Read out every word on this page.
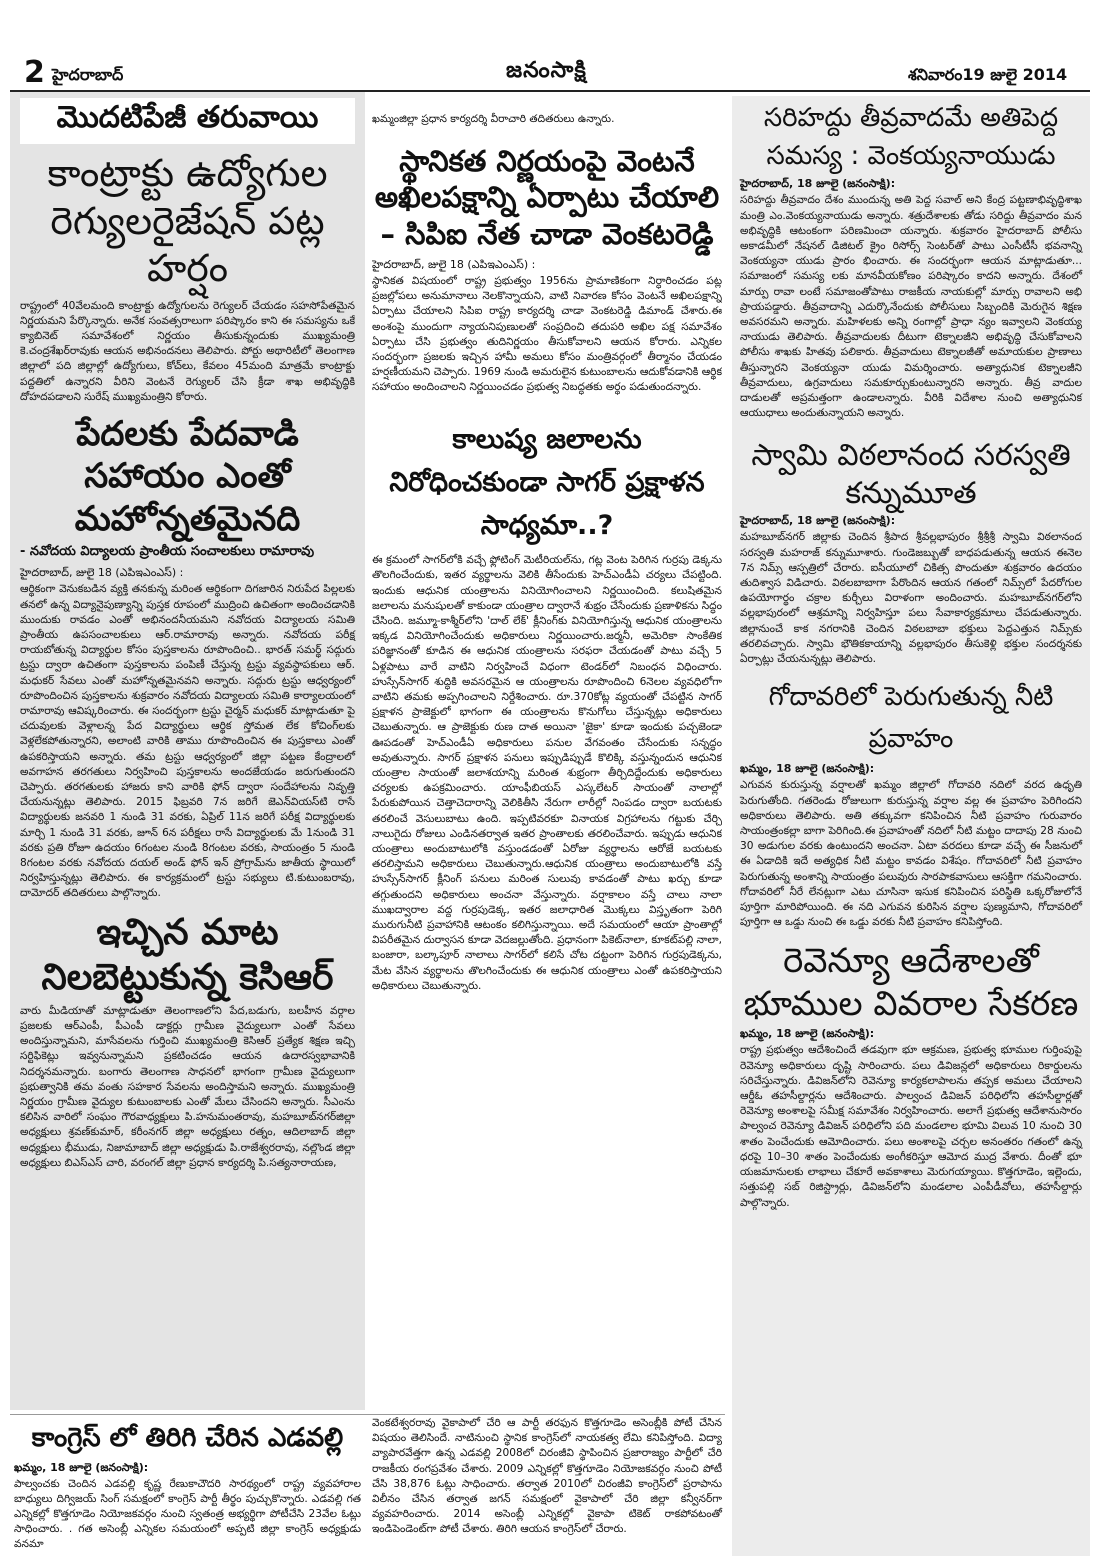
2 హైదరాబాద్	జనంసాక్షి	శనివారం19 జులై 2014
మొదటిపేజీ తరువాయి
కాంట్రాక్టు ఉద్యోగుల రెగ్యులరైజేషన్‌ పట్ల హర్షం

రాష్ట్రంలో 40వేలమంది కాంట్రాక్టు ఉద్యోగులను రెగ్యులర్‌ చేయడం సహసోపేతమైన నిర్ణయమని పేర్కొన్నారు. అనేక సంవత్సరాలుగా పరిష్కారం కాని ఈ సమస్యను ఒకే క్యాబినెట్‌ సమావేశంలో నిర్ణయం తీసుకున్నందుకు ముఖ్యమంత్రి కె.చంద్రశేఖర్‌రావుకు ఆయన అభినందనలు తెలిపారు. పోర్టు అథారిటీలో తెలంగాణ జిల్లాలో పది జిల్లాల్లో ఉద్యోగులు, కోచ్‌లు, కేవలం 45మంది మాత్రమే కాంట్రాక్టు పద్దతిలో ఉన్నారని వీరిని వెంటనే రెగ్యులర్‌ చేసి క్రీడా శాఖ అభివృద్ధికి దోహదపడాలని సురేష్‌ ముఖ్యమంత్రిని కోరారు.

పేదలకు పేదవాడి సహాయం ఎంతో మహోన్నతమైనది

- నవోదయ విద్యాలయ ప్రాంతీయ సంచాలకులు రామారావు

హైదరాబాద్‌, జులై 18 (ఎపిఇఎంఎస్‌) :

ఆర్థికంగా వెనుకబడిన వ్యక్తి తనకున్న మరింత ఆర్థికంగా దిగజారిన నిరుపేద పిల్లలకు తనలో ఉన్న విద్యానైపుణ్యాన్ని పుస్తక రూపంలో ముద్రించి ఉచితంగా అందించడానికి ముందుకు రావడం ఎంతో అభినందనీయమని నవోదయ విద్యాలయ సమితి ప్రాంతీయ ఉపసంచాలకులు ఆర్‌.రామారావు అన్నారు. నవోదయ పరీక్ష రాయబోతున్న విద్యార్థుల కోసం పుస్తకాలను రూపొందించి.. భారత్‌ సమర్థ్‌ సద్గురు ట్రస్టు ద్వారా ఉచితంగా పుస్తకాలను పంపిణీ చేస్తున్న ట్రస్టు వ్యవస్థాపకులు ఆర్‌. మధుకర్‌ సేవలు ఎంతో మహోన్నతమైనవని అన్నారు. సద్గురు ట్రస్టు ఆధ్వర్యంలో రూపొందించిన పుస్తకాలను శుక్రవారం నవోదయ విద్యాలయ సమితి కార్యాలయంలో రామారావు ఆవిష్కరించారు. ఈ సందర్భంగా ట్రస్టు చైర్మన్‌ మధుకర్‌ మాట్లాడుతూ పై చదువులకు వెళ్లాలన్న పేద విద్యార్థులు ఆర్థిక స్తోమత లేక కోచింగ్‌లకు వెళ్లలేకపోతున్నారని, అలాంటి వారికి తాము రూపొందించిన ఈ పుస్తకాలు ఎంతో ఉపకరిస్తాయని అన్నారు. తమ ట్రస్టు ఆధ్వర్యంలో జిల్లా పట్టణ కేంద్రాలలో అవగాహన తరగతులు నిర్వహించి పుస్తకాలను అందజేయడం జరుగుతుందని చెప్పారు. తరగతులకు హాజరు కాని వారికి ఫోన్‌ ద్వారా సందేహాలను నివృత్తి చేయనున్నట్లు తెలిపారు. 2015 ఫిబ్రవరి 7న జరిగే జెఎన్‌వియస్‌టి రాసే విద్యార్థులకు జనవరి 1 నుండి 31 వరకు, ఏప్రిల్‌ 11న జరిగే పరీక్ష విద్యార్థులకు మార్చి 1 నుండి 31 వరకు, జూన్‌ 6న పరీక్షలు రాసే విద్యార్థులకు మే 1నుండి 31 వరకు ప్రతి రోజూ ఉదయం 6గంటల నుండి 8గంటల వరకు, సాయంత్రం 5 నుండి 8గంటల వరకు నవోదయ దయల్‌ అండ్‌ ఫోన్‌ ఇన్‌ ప్రోగ్రామ్‌ను జాతీయ స్థాయిలో నిర్వహిస్తున్నట్లు తెలిపారు. ఈ కార్యక్రమంలో ట్రస్టు సభ్యులు టి.కుటుంబరావు, దామోదర్‌ తదితరులు పాల్గొన్నారు.

ఇచ్చిన మాట నిలబెట్టుకున్న కెసిఆర్‌

వారు మీడియాతో మాట్లాడుతూ తెలంగాణలోని పేద,బడుగు, బలహీన వర్గాల ప్రజలకు ఆర్‌ఎంపీ, పీఎంపీ డాక్టర్లు గ్రామీణ వైద్యులుగా ఎంతో సేవలు అందిస్తున్నామని, మాసేవలను గుర్తించి ముఖ్యమంత్రి కెసిఆర్‌ ప్రత్యేక శిక్షణ ఇచ్చి సర్టిఫికెట్లు ఇవ్వనున్నామని ప్రకటించడం ఆయన ఉదారస్వభావానికి నిదర్శనమన్నారు. బంగారు తెలంగాణ సాధనలో భాగంగా గ్రామీణ వైద్యులుగా ప్రభుత్వానికి తమ వంతు సహకార సేవలను అందిస్తామని అన్నారు. ముఖ్యమంత్రి నిర్ణయం గ్రామీణ వైద్యుల కుటుంబాలకు ఎంతో మేలు చేసిందని అన్నారు. సీఎంను కలిసిన వారిలో సంఘం గౌరవాధ్యక్షులు పి.హనుమంతరావు, మహబూబ్‌నగర్‌జిల్లా అధ్యక్షులు శ్రవణ్‌కుమార్‌, కరీంనగర్‌ జిల్లా అధ్యక్షులు రత్నం, ఆదిలాబాద్‌ జిల్లా అధ్యక్షులు భీముడు, నిజామాబాద్‌ జిల్లా అధ్యక్షుడు పి.రాజేశ్వరరావు, నల్లొండ జిల్లా అధ్యక్షులు బిఎస్‌ఎస్‌ చారి, వరంగల్‌ జిల్లా ప్రధాన కార్యదర్శి పి.సత్యనారాయణ,

ఖమ్మంజిల్లా ప్రధాన కార్యదర్శి వీరాచారి తదితరులు ఉన్నారు.

స్థానికత నిర్ణయంపై వెంటనే అఖిలపక్షాన్ని ఏర్పాటు చేయాలి – సిపిఐ నేత చాడా వెంకటరెడ్డి

హైదరాబాద్‌, జులై 18 (ఎపిఇఎంఎస్‌) :

స్థానికత విషయంలో రాష్ట్ర ప్రభుత్వం 1956ను ప్రామాణికంగా నిర్ధారించడం పట్ల ప్రజల్లోపలు అనుమానాలు నెలకొన్నాయని, వాటి నివారణ కోసం వెంటనే అఖిలపక్షాన్ని ఏర్పాటు చేయాలని సిపిఐ రాష్ట్ర కార్యదర్శి చాడా వెంకటరెడ్డి డిమాండ్‌ చేశారు.ఈ అంశంపై ముందుగా న్యాయనిపుణులతో సంప్రదించి తదుపరి అఖిల పక్ష సమావేశం ఏర్పాటు చేసి ప్రభుత్వం తుదినిర్ణయం తీసుకోవాలని ఆయన కోరారు. ఎన్నికల సందర్భంగా ప్రజలకు ఇచ్చిన హామీ అమలు కోసం మంత్రివర్గంలో తీర్మానం చేయడం హర్షణీయమని చెప్పారు. 1969 నుండి అమరులైన కుటుంబాలను ఆదుకోవడానికి ఆర్థిక సహాయం అందించాలని నిర్ణయించడం ప్రభుత్వ నిబద్ధతకు అర్థం పడుతుందన్నారు.

కాలుష్య జలాలను నిరోధించకుండా సాగర్‌ ప్రక్షాళన సాధ్యమా..?

ఈ క్రమంలో సాగర్‌లోకి వచ్చే ఫ్లోటింగ్‌ మెటీరియల్‌ను, గట్ల వెంట పెరిగిన గుర్రపు డెక్కను తొలగించేందుకు, ఇతర వ్యర్థాలను వెలికి తీసేందుకు హెచ్‌ఎండీఏ చర్యలు చేపట్టింది. ఇందుకు ఆధునిక యంత్రాలను వినియోగించాలని నిర్ణయించింది. కలుషితమైన జలాలను మనుషులతో కాకుండా యంత్రాల ద్వారానే శుభ్రం చేసేందుకు ప్రణాళికను సిద్ధం చేసింది. జమ్మూ-కాశ్మీర్‌లోని 'దాల్‌ లేక్‌' క్లీనింగ్‌కు వినియోగిస్తున్న ఆధునిక యంత్రాలను ఇక్కడ వినియోగించేందుకు అధికారులు నిర్ణయించారు.జర్మనీ, అమెరికా సాంకేతిక పరిజ్ఞానంతో కూడిన ఈ ఆధునిక యంత్రాలను సరఫరా చేయడంతో పాటు వచ్చే 5 ఏళ్లపాటు వారే వాటిని నిర్వహించే విధంగా టెండర్‌లో నిబంధన విధించారు. హుస్సేన్‌సాగర్‌ శుద్ధికి అవసరమైన ఆ యంత్రాలను రూపొందించి 6నెలల వ్యవధిలోగా వాటిని తమకు అప్పగించాలని నిర్దేశించారు. రూ.370కోట్ల వ్యయంతో చేపట్టిన సాగర్‌ ప్రక్షాళన ప్రాజెక్టులో భాగంగా ఈ యంత్రాలను కొనుగోలు చేస్తున్నట్లు అధికారులు చెబుతున్నారు. ఆ ప్రాజెక్టుకు రుణ దాత అయినా 'జైకా' కూడా ఇందుకు పచ్చజెండా ఊపడంతో హెచ్‌ఎండీఏ అధికారులు పనుల వేగవంతం చేసేందుకు సన్నద్ధం అవుతున్నారు. సాగర్‌ ప్రక్షాళన పనులు ఇప్పుడిప్పుడే కొలిక్కి వస్తున్నందున ఆధునిక యంత్రాల సాయంతో జలాశయాన్ని మరింత శుభ్రంగా తీర్చిదిద్దేందుకు అధికారులు చర్యలకు ఉపక్రమించారు. యాంఫీబియస్‌ ఎస్కలేటర్‌ సాయంతో నాలాల్లో పేరుకుపోయిన చెత్తాచెదారాన్ని వెలికితీసి నేరుగా లారీల్లో నింపడం ద్వారా బయటకు తరలించే వెసులుబాటు ఉంది. ఇప్పటివరకూ వినాయక విగ్రహాలను గట్టుకు చేర్చి నాలుగైదు రోజులు ఎండినతర్వాత ఇతర ప్రాంతాలకు తరలించేవారు. ఇప్పుడు ఆధునిక యంత్రాలు అందుబాటులోకి వస్తుండడంతో ఏరోజు వ్యర్థాలను ఆరోజే బయటకు తరలిస్తామని అధికారులు చెబుతున్నారు.ఆధునిక యంత్రాలు అందుబాటులోకి వస్తే హుస్సేన్‌సాగర్‌ క్లీనింగ్‌ పనులు మరింత సులువు కావడంతో పాటు ఖర్చు కూడా తగ్గుతుందని అధికారులు అంచనా వేస్తున్నారు. వర్షాకాలం వస్తే చాలు నాలా ముఖద్వారాల వద్ద గుర్రపుడెక్క, ఇతర జలాధారిత మొక్కలు విస్తృతంగా పెరిగి మురుగునీటి ప్రవాహానికి ఆటంకం కలిగిస్తున్నాయి. అదే సమయంలో ఆయా ప్రాంతాల్లో విపరీతమైన దుర్వాసన కూడా వెదజల్లుతోంది. ప్రధానంగా పికెట్‌నాలా, కూకట్‌పల్లి నాలా, బంజారా, బల్కాపూర్‌ నాలాలు సాగర్‌లో కలిసే చోట దట్టంగా పెరిగిన గుర్రపుడెక్కను, మేట వేసిన వ్యర్థాలను తొలగించేందుకు ఈ ఆధునిక యంత్రాలు ఎంతో ఉపకరిస్తాయని అధికారులు చెబుతున్నారు.

సరిహద్దు తీవ్రవాదమే అతిపెద్ద సమస్య : వెంకయ్యనాయుడు

హైదరాబాద్‌, 18 జూలై (జనంసాక్షి):

సరిహద్దు తీవ్రవాదం దేశం ముందున్న అతి పెద్ద సవాల్‌ అని కేంద్ర పట్టణాభివృద్ధిశాఖ మంత్రి ఎం.వెంకయ్యనాయుడు అన్నారు. శత్రుదేశాలకు తోడు సరిద్దు తీవ్రవాదం మన అభివృద్ధికి ఆటంకంగా పరిణమించా యన్నారు. శుక్రవారం హైదరాబాద్‌ పోలీసు అకాడమీలో నేషనల్‌ డిజిటల్‌ క్రైం రిసోర్స్‌ సెంటర్‌తో పాటు ఎంసీటీసీ భవనాన్ని వెంకయ్యనా యుడు ప్రారం భించారు. ఈ సందర్భంగా ఆయన మాట్లాడుతూ... సమాజంలో సమస్య లకు మానవీయకోణం పరిష్కారం కాదని అన్నారు. దేశంలో మార్పు రావా లంటే సమాజంతోపాటు రాజకీయ నాయకుల్లో మార్పు రావాలని అభి ప్రాయపడ్డారు. తీవ్రవాదాన్ని ఎదుర్కొనేందుకు పోలీసులు సిబ్బందికి మెరుగైన శిక్షణ అవసరమని అన్నారు. మహిళలకు అన్ని రంగాల్లో ప్రాధా న్యం ఇవ్వాలని వెంకయ్య నాయుడు తెలిపారు. తీవ్రవాదులకు దీటుగా టెక్నాలజీని అభివృద్ధి చేసుకోవాలని పోలీసు శాఖకు హితవు పలికారు. తీవ్రవాదులు టెక్నాలజీతో అమాయకుల ప్రాణాలు తీస్తున్నారని వెంకయ్యనా యుడు విమర్శించారు. అత్యాధునిక టెక్నాలజీని తీవ్రవాదులు, ఉగ్రవాదులు సమకూర్చుకుంటున్నారని అన్నారు. తీవ్ర వాదుల దాడులతో అప్రమత్తంగా ఉండాలన్నారు. వీరికి విదేశాల నుంచి అత్యాధునిక ఆయుధాలు అందుతున్నాయని అన్నారు.

స్వామి విఠలానంద సరస్వతి కన్నుమూత

హైదరాబాద్‌, 18 జూలై (జనంసాక్షి):

మహబూబ్‌నగర్‌ జిల్లాకు చెందిన శ్రీపాద శ్రీవల్లభాపురం శ్రీశ్రీశ్రీ స్వామి విఠలానంద సరస్వతి మహరాజ్‌ కన్నుమూశారు. గుండెజబ్బుతో బాధపడుతున్న ఆయన ఈనెల 7న నిమ్స్‌ ఆస్పత్రిలో చేరారు. ఐసీయూలో చికిత్స పొందుతూ శుక్రవారం ఉదయం తుదిశ్వాస విడిచారు. విఠలబాబాగా పేరొందిన ఆయన గతంలో నిమ్స్‌లో పేదరోగుల ఉపయోగార్థం చక్రాల కుర్చీలు విరాళంగా అందించారు. మహబూబ్‌నగర్‌లోని వల్లభాపురంలో ఆశ్రమాన్ని నిర్వహిస్తూ పలు సేవాకార్యక్రమాలు చేపడుతున్నారు. జిల్లానుంచే కాక నగరానికి చెందిన విఠలబాబా భక్తులు పెద్దఎత్తున నిమ్స్‌కు తరలివచ్చారు. స్వామి భౌతికకాయాన్ని వల్లభాపురం తీసుకెళ్లి భక్తుల సందర్శనకు ఏర్పాట్లు చేయనున్నట్లు తెలిపారు.

గోదావరిలో పెరుగుతున్న నీటి ప్రవాహం

ఖమ్మం, 18 జూలై (జనంసాక్షి):

ఎగువన కురుస్తున్న వర్షాలతో ఖమ్మం జిల్లాలో గోదావరి నదిలో వరద ఉధృతి పెరుగుతోంది. గతరెండు రోజులుగా కురుస్తున్న వర్షాల వల్ల ఈ ప్రవాహం పెరిగిందని అధికారులు తెలిపారు. అతి తక్కువగా కనిపించిన నీటి ప్రవాహం గురువారం సాయంత్రంకల్లా బాగా పెరిగింది.ఈ ప్రవాహంతో నదిలో నీటి మట్టం దాదాపు 28 నుంచి 30 అడుగుల వరకు ఉంటుందని అంచనా. ఏటా వరదలు కూడా వచ్చే ఈ సీజనులో ఈ ఏడాదికి ఇదే అత్యధిక నీటి మట్టం కావడం విశేషం. గోదావరిలో నీటి ప్రవాహం పెరుగుతున్న అంశాన్ని సాయంత్రం పలువురు సారపాకవాసులు ఆసక్తిగా గమనించారు. గోదావరిలో నీరే లేనట్లుగా ఎటు చూసినా ఇసుక కనిపించిన పరిస్థితి ఒక్కరోజులోనే పూర్తిగా మారిపోయింది. ఈ నది ఎగువన కురిసిన వర్షాల పుణ్యమాని, గోదావరిలో పూర్తిగా ఆ ఒడ్డు నుంచి ఈ ఒడ్డు వరకు నీటి ప్రవాహం కనిపిస్తోంది.

రెవెన్యూ ఆదేశాలతో భూముల వివరాల సేకరణ

ఖమ్మం, 18 జూలై (జనంసాక్షి):

రాష్ట్ర ప్రభుత్వం ఆదేశించిందే తడవుగా భూ ఆక్రమణ, ప్రభుత్వ భూముల గుర్తింపుపై రెవెన్యూ అధికారులు దృష్టి సారించారు. పలు డివిజన్లలో అధికారులు రికార్డులను సరిచేస్తున్నారు. డివిజన్‌లోని రెవెన్యూ కార్యకలాపాలను తప్పక అమలు చేయాలని ఆర్డీఓ తహసీల్దార్లను ఆదేశించారు. పాల్వంచ డివిజన్‌ పరిధిలోని తహసీల్దార్లతో రెవెన్యూ అంశాలపై సమీక్ష సమావేశం నిర్వహించారు. అలాగే ప్రభుత్వ ఆదేశానుసారం పాల్వంచ రెవెన్యూ డివిజన్‌ పరిధిలోని పది మండలాల భూమి విలువ 10 నుంచి 30 శాతం పెంచేందుకు ఆమోదించారు. పలు అంశాలపై చర్చల అనంతరం గతంలో ఉన్న ధరపై 10–30 శాతం పెంచేందుకు అంగీకరిస్తూ ఆమోద ముద్ర వేశారు. దీంతో భూ యజమానులకు లాభాలు చేకూరే అవకాశాలు మెరుగయ్యాయి. కొత్తగూడెం, ఇల్లెందు, సత్తుపల్లి సబ్‌ రిజిస్ట్రార్లు, డివిజన్‌లోని మండలాల ఎంపీడీవోలు, తహసీల్దార్లు పాల్గొన్నారు.

కాంగ్రెస్‌ లో తిరిగి చేరిన ఎడవల్లి

ఖమ్మం, 18 జూలై (జనంసాక్షి):

పాల్వంచకు చెందిన ఎడవల్లి కృష్ణ రేణుకాచౌదరి సారథ్యంలో రాష్ట్ర వ్యవహారాల బాధ్యులు దిగ్విజయ్‌ సింగ్‌ సమక్షంలో కాంగ్రెస్‌ పార్టీ తీర్థం పుచ్చుకొన్నారు. ఎడవల్లి గత ఎన్నికల్లో కొత్తగూడెం నియోజకవర్గం నుంచి స్వతంత్ర అభ్యర్థిగా పోటీచేసి 23వేల ఓట్లు సాధించారు. . గత అసెంబ్లీ ఎన్నికల సమయంలో అప్పటి జిల్లా కాంగ్రెస్‌ అధ్యక్షుడు వనమా

వెంకటేశ్వరరావు వైకాపాలో చేరి ఆ పార్టీ తరఫున కొత్తగూడెం అసెంబ్లీకి పోటీ చేసిన విషయం తెలిసిందే. నాటినుంచి స్థానిక కాంగ్రెస్‌లో నాయకత్వ లేమి కనిపిస్తోంది. విద్యా వ్యాపారవేత్తగా ఉన్న ఎడవల్లి 2008లో చిరంజీవి స్థాపించిన ప్రజారాజ్యం పార్టీలో చేరి రాజకీయ రంగప్రవేశం చేశారు. 2009 ఎన్నికల్లో కొత్తగూడెం నియోజకవర్గం నుంచి పోటీ చేసి 38,876 ఓట్లు సాధించారు. తర్వాత 2010లో చిరంజీవి కాంగ్రెస్‌లో ప్రరాపాను విలీనం చేసిన తర్వాత జగన్‌ సమక్షంలో వైకాపాలో చేరి జిల్లా కన్వీనర్‌గా వ్యవహరించారు. 2014 అసెంబ్లీ ఎన్నికల్లో వైకాపా టికెట్‌ రాకపోవటంతో ఇండిపెండెంట్‌గా పోటీ చేశారు. తిరిగి ఆయన కాంగ్రెస్‌లో చేరారు.
